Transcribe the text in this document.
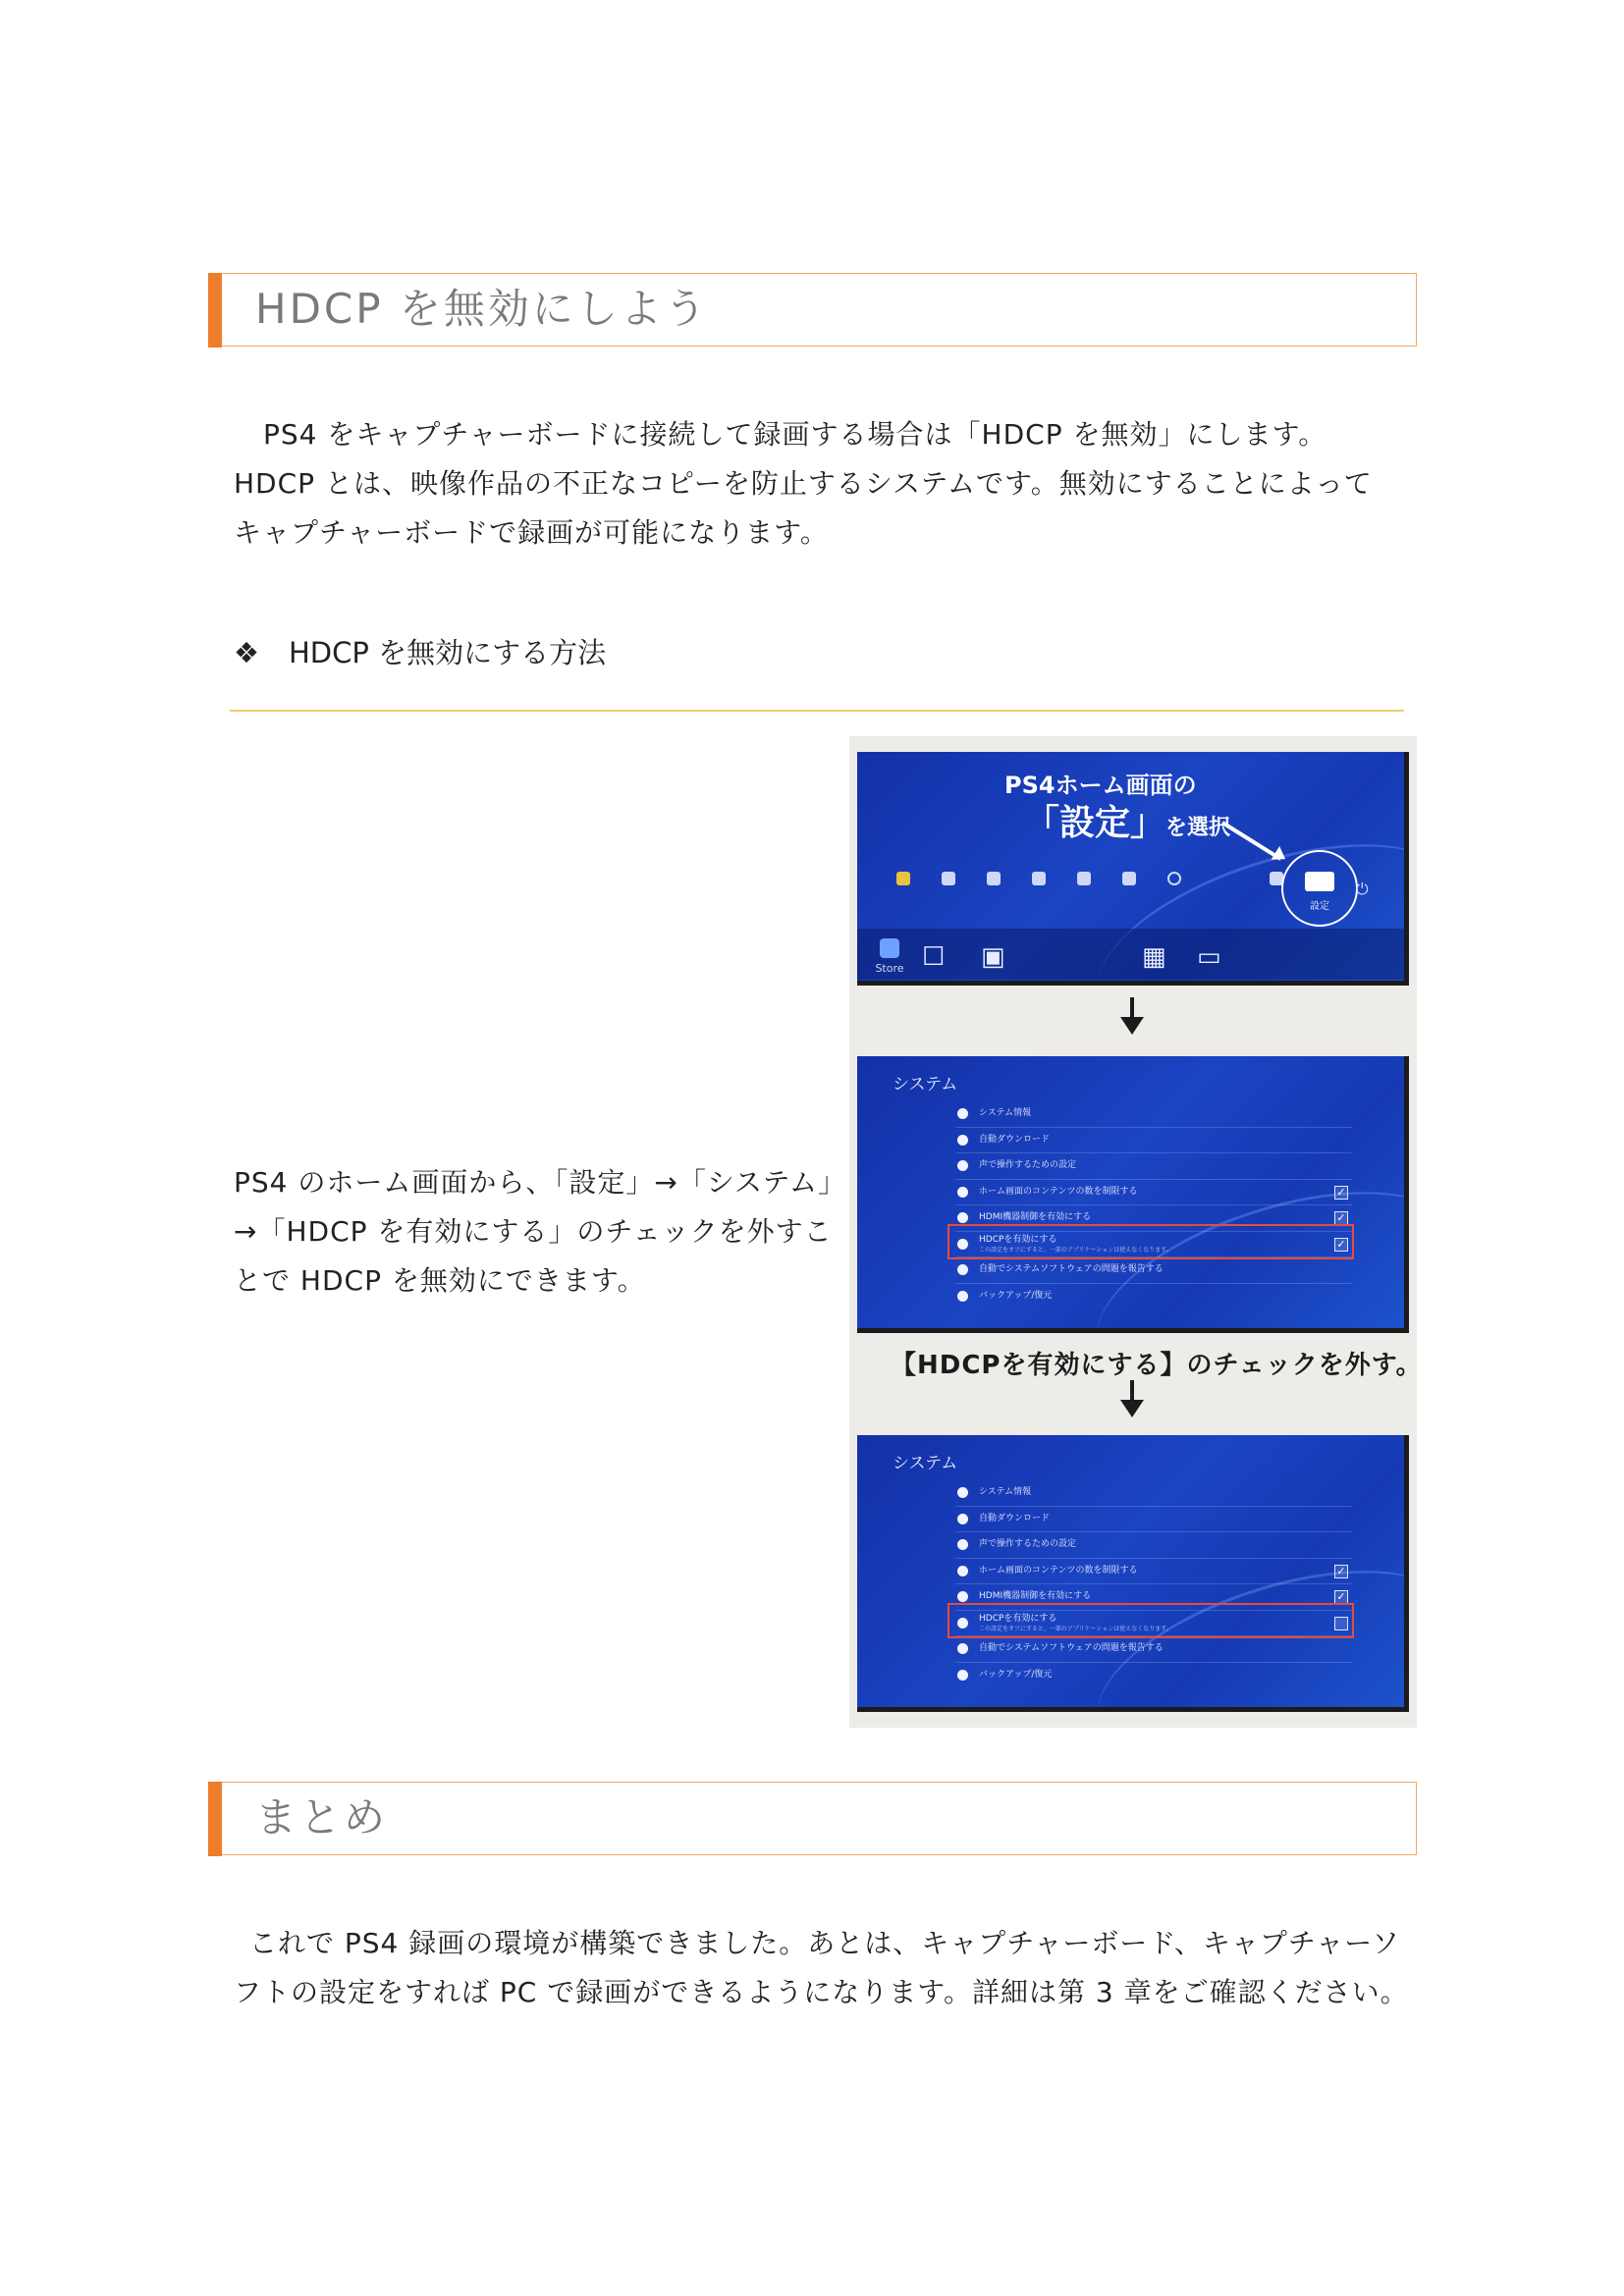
HDCP を無効にしよう
PS4 をキャプチャーボードに接続して録画する場合は「HDCP を無効」にします。
HDCP とは、映像作品の不正なコピーを防止するシステムです。無効にすることによって
キャプチャーボードで録画が可能になります。
❖ HDCP を無効にする方法
PS4 のホーム画面から、「設定」→「システム」
→「HDCP を有効にする」のチェックを外すこ
とで HDCP を無効にできます。
PS4ホーム画面の
「設定」を選択
設定
⏻
Store ☐ ▣	▦ ▭
システム
システム情報
自動ダウンロード
声で操作するための設定
ホーム画面のコンテンツの数を制限する	✓
HDMI機器制御を有効にする	✓
HDCPを有効にする
この設定をオフにすると、一部のアプリケーションは使えなくなります。	✓
自動でシステムソフトウェアの問題を報告する
バックアップ/復元
【HDCPを有効にする】のチェックを外す。
システム
システム情報
自動ダウンロード
声で操作するための設定
ホーム画面のコンテンツの数を制限する	✓
HDMI機器制御を有効にする	✓
HDCPを有効にする
この設定をオフにすると、一部のアプリケーションは使えなくなります。
自動でシステムソフトウェアの問題を報告する
バックアップ/復元
まとめ
これで PS4 録画の環境が構築できました。あとは、キャプチャーボード、キャプチャーソ
フトの設定をすれば PC で録画ができるようになります。詳細は第 3 章をご確認ください。
